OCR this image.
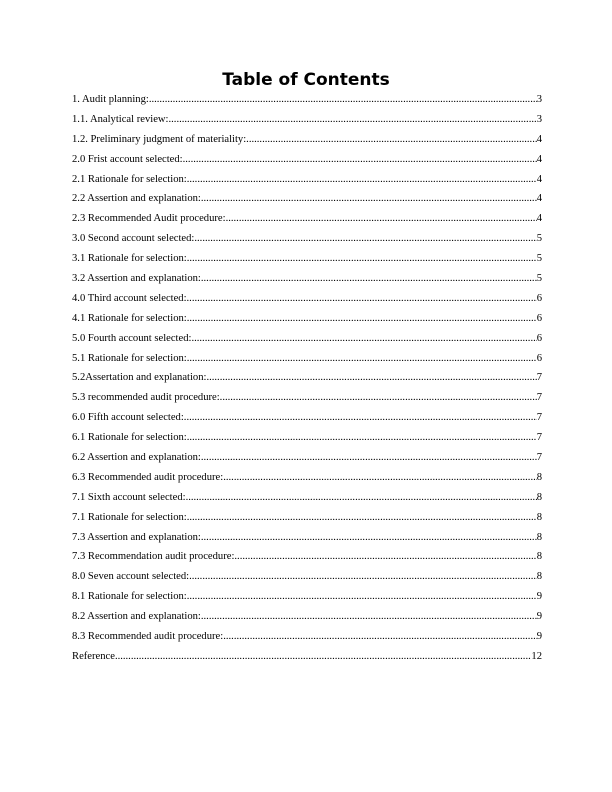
Table of Contents
1. Audit planning: .....	3
1.1. Analytical review: .....	3
1.2. Preliminary judgment of materiality: .....	4
2.0 Frist account selected: .....	4
2.1 Rationale for selection: .....	4
2.2 Assertion and explanation: .....	4
2.3 Recommended Audit procedure: .....	4
3.0 Second account selected: .....	5
3.1 Rationale for selection: .....	5
3.2 Assertion and explanation: .....	5
4.0 Third account selected: .....	6
4.1 Rationale for selection: .....	6
5.0 Fourth account selected: .....	6
5.1 Rationale for selection: .....	6
5.2Assertation and explanation: .....	7
5.3 recommended audit procedure: .....	7
6.0 Fifth account selected: .....	7
6.1 Rationale for selection: .....	7
6.2 Assertion and explanation: .....	7
6.3 Recommended audit procedure: .....	8
7.1 Sixth account selected: .....	8
7.1 Rationale for selection: .....	8
7.3 Assertion and explanation: .....	8
7.3 Recommendation audit procedure: .....	8
8.0 Seven account selected: .....	8
8.1 Rationale for selection: .....	9
8.2 Assertion and explanation: .....	9
8.3 Recommended audit procedure: .....	9
Reference .....	12
